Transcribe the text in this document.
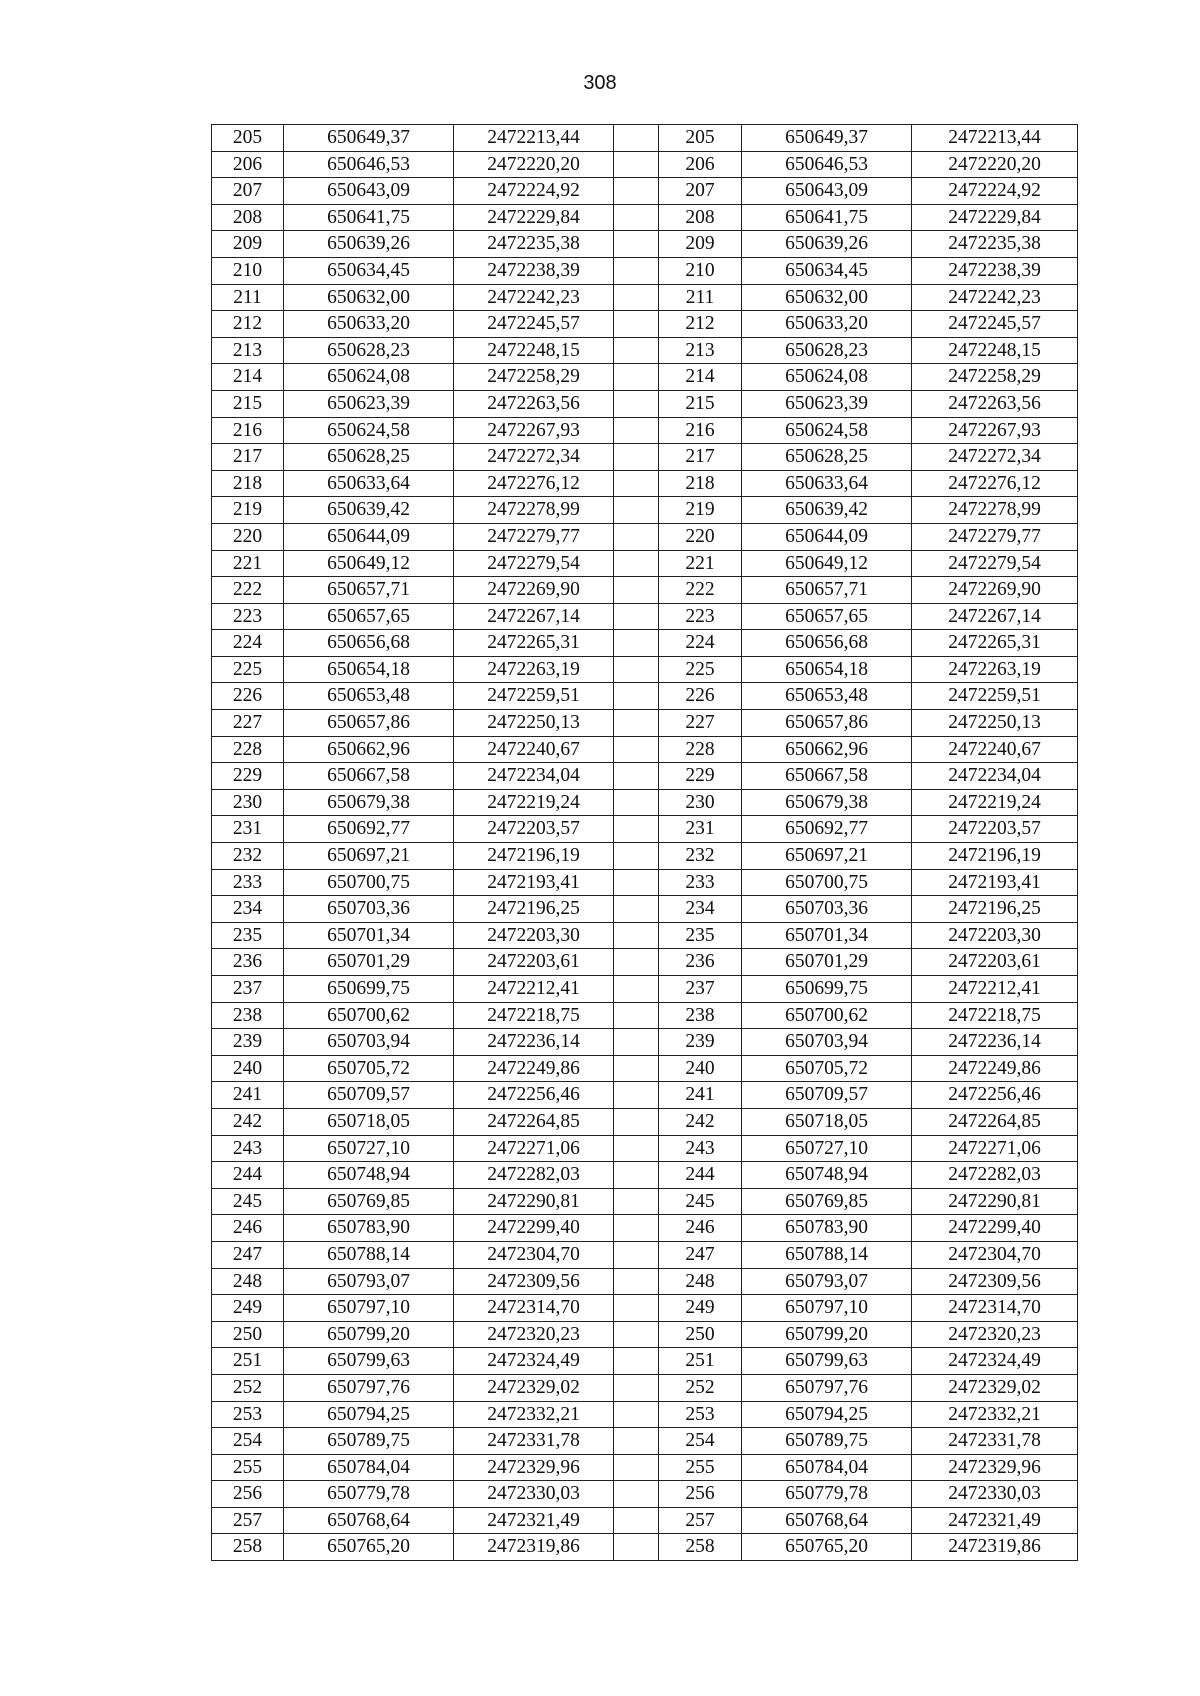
308
205	650649,37	2472213,44		205	650649,37	2472213,44
206	650646,53	2472220,20		206	650646,53	2472220,20
207	650643,09	2472224,92		207	650643,09	2472224,92
208	650641,75	2472229,84		208	650641,75	2472229,84
209	650639,26	2472235,38		209	650639,26	2472235,38
210	650634,45	2472238,39		210	650634,45	2472238,39
211	650632,00	2472242,23		211	650632,00	2472242,23
212	650633,20	2472245,57		212	650633,20	2472245,57
213	650628,23	2472248,15		213	650628,23	2472248,15
214	650624,08	2472258,29		214	650624,08	2472258,29
215	650623,39	2472263,56		215	650623,39	2472263,56
216	650624,58	2472267,93		216	650624,58	2472267,93
217	650628,25	2472272,34		217	650628,25	2472272,34
218	650633,64	2472276,12		218	650633,64	2472276,12
219	650639,42	2472278,99		219	650639,42	2472278,99
220	650644,09	2472279,77		220	650644,09	2472279,77
221	650649,12	2472279,54		221	650649,12	2472279,54
222	650657,71	2472269,90		222	650657,71	2472269,90
223	650657,65	2472267,14		223	650657,65	2472267,14
224	650656,68	2472265,31		224	650656,68	2472265,31
225	650654,18	2472263,19		225	650654,18	2472263,19
226	650653,48	2472259,51		226	650653,48	2472259,51
227	650657,86	2472250,13		227	650657,86	2472250,13
228	650662,96	2472240,67		228	650662,96	2472240,67
229	650667,58	2472234,04		229	650667,58	2472234,04
230	650679,38	2472219,24		230	650679,38	2472219,24
231	650692,77	2472203,57		231	650692,77	2472203,57
232	650697,21	2472196,19		232	650697,21	2472196,19
233	650700,75	2472193,41		233	650700,75	2472193,41
234	650703,36	2472196,25		234	650703,36	2472196,25
235	650701,34	2472203,30		235	650701,34	2472203,30
236	650701,29	2472203,61		236	650701,29	2472203,61
237	650699,75	2472212,41		237	650699,75	2472212,41
238	650700,62	2472218,75		238	650700,62	2472218,75
239	650703,94	2472236,14		239	650703,94	2472236,14
240	650705,72	2472249,86		240	650705,72	2472249,86
241	650709,57	2472256,46		241	650709,57	2472256,46
242	650718,05	2472264,85		242	650718,05	2472264,85
243	650727,10	2472271,06		243	650727,10	2472271,06
244	650748,94	2472282,03		244	650748,94	2472282,03
245	650769,85	2472290,81		245	650769,85	2472290,81
246	650783,90	2472299,40		246	650783,90	2472299,40
247	650788,14	2472304,70		247	650788,14	2472304,70
248	650793,07	2472309,56		248	650793,07	2472309,56
249	650797,10	2472314,70		249	650797,10	2472314,70
250	650799,20	2472320,23		250	650799,20	2472320,23
251	650799,63	2472324,49		251	650799,63	2472324,49
252	650797,76	2472329,02		252	650797,76	2472329,02
253	650794,25	2472332,21		253	650794,25	2472332,21
254	650789,75	2472331,78		254	650789,75	2472331,78
255	650784,04	2472329,96		255	650784,04	2472329,96
256	650779,78	2472330,03		256	650779,78	2472330,03
257	650768,64	2472321,49		257	650768,64	2472321,49
258	650765,20	2472319,86		258	650765,20	2472319,86
